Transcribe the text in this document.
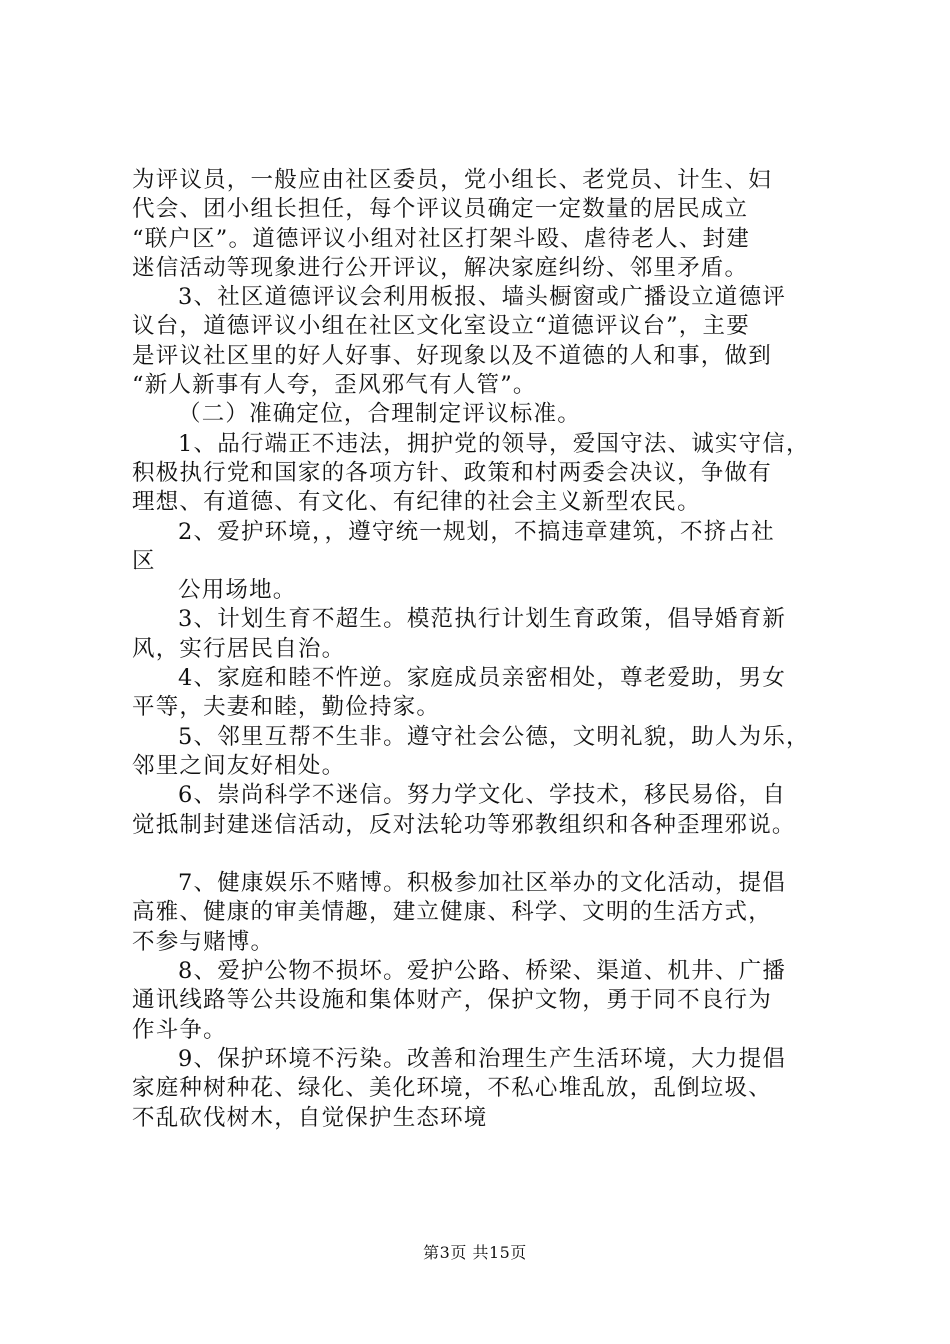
为评议员，一般应由社区委员，党小组长、老党员、计生、妇
代会、团小组长担任，每个评议员确定一定数量的居民成立
“联户区”。道德评议小组对社区打架斗殴、虐待老人、封建
迷信活动等现象进行公开评议，解决家庭纠纷、邻里矛盾。
3、社区道德评议会利用板报、墙头橱窗或广播设立道德评
议台，道德评议小组在社区文化室设立“道德评议台”，主要
是评议社区里的好人好事、好现象以及不道德的人和事，做到
“新人新事有人夸，歪风邪气有人管”。
（二）准确定位，合理制定评议标准。
1、品行端正不违法，拥护党的领导，爱国守法、诚实守信，
积极执行党和国家的各项方针、政策和村两委会决议，争做有
理想、有道德、有文化、有纪律的社会主义新型农民。
2、爱护环境，，遵守统一规划，不搞违章建筑，不挤占社
区
公用场地。
3、计划生育不超生。模范执行计划生育政策，倡导婚育新
风，实行居民自治。
4、家庭和睦不忤逆。家庭成员亲密相处，尊老爱助，男女
平等，夫妻和睦，勤俭持家。
5、邻里互帮不生非。遵守社会公德，文明礼貌，助人为乐，
邻里之间友好相处。
6、崇尚科学不迷信。努力学文化、学技术，移民易俗，自
觉抵制封建迷信活动，反对法轮功等邪教组织和各种歪理邪说。
7、健康娱乐不赌博。积极参加社区举办的文化活动，提倡
高雅、健康的审美情趣，建立健康、科学、文明的生活方式，
不参与赌博。
8、爱护公物不损坏。爱护公路、桥梁、渠道、机井、广播
通讯线路等公共设施和集体财产，保护文物，勇于同不良行为
作斗争。
9、保护环境不污染。改善和治理生产生活环境，大力提倡
家庭种树种花、绿化、美化环境，不私心堆乱放，乱倒垃圾、
不乱砍伐树木，自觉保护生态环境
第3页 共15页
